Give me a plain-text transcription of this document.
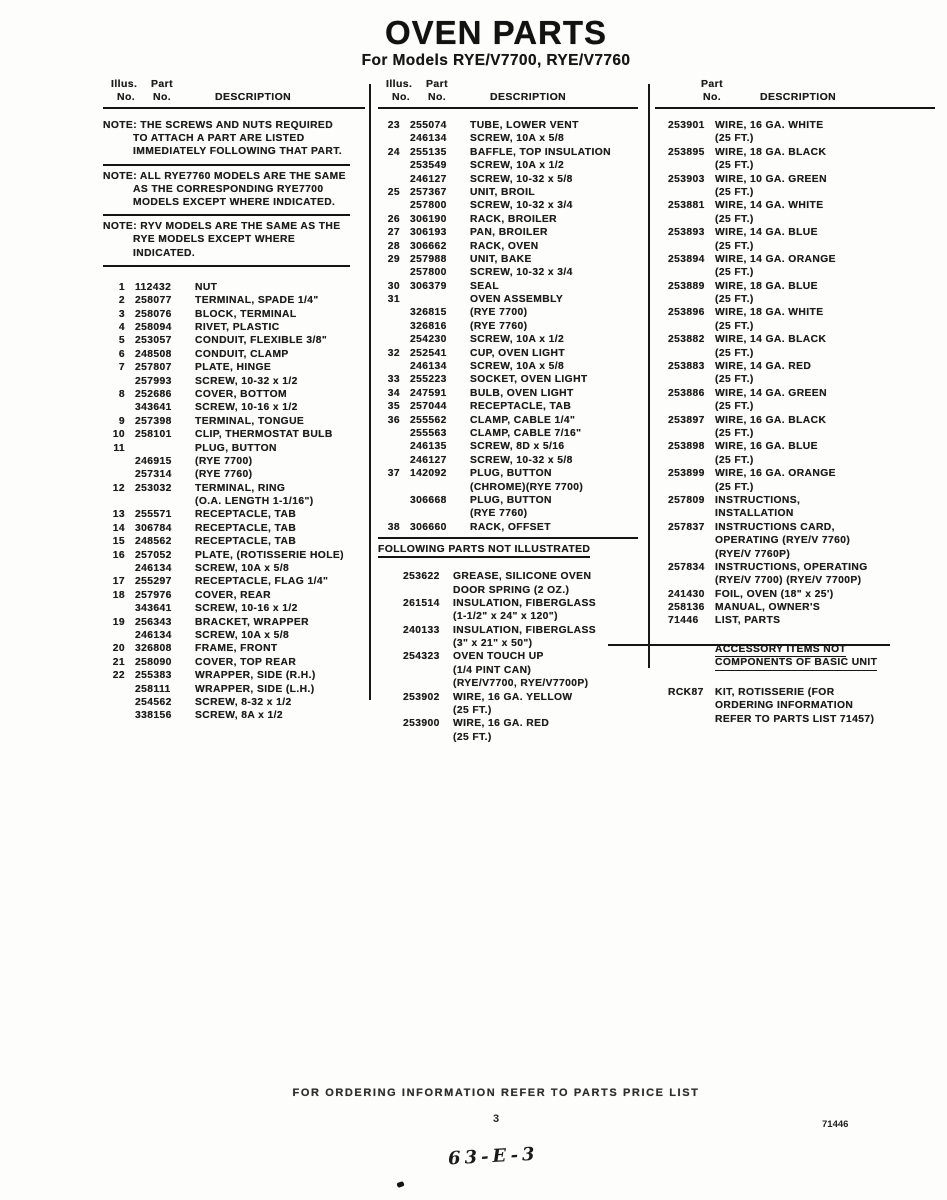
OVEN PARTS
For Models RYE/V7700, RYE/V7760
Illus.	Part
No.	No.	DESCRIPTION
NOTE: THE SCREWS AND NUTS REQUIRED TO ATTACH A PART ARE LISTED IMMEDIATELY FOLLOWING THAT PART.
NOTE: ALL RYE7760 MODELS ARE THE SAME AS THE CORRESPONDING RYE7700 MODELS EXCEPT WHERE INDICATED.
NOTE: RYV MODELS ARE THE SAME AS THE RYE MODELS EXCEPT WHERE INDICATED.
1 112432	NUT
2 258077	TERMINAL, SPADE 1/4"
3 258076	BLOCK, TERMINAL
4 258094	RIVET, PLASTIC
5 253057	CONDUIT, FLEXIBLE 3/8"
6 248508	CONDUIT, CLAMP
7 257807	PLATE, HINGE
257993	SCREW, 10-32 x 1/2
8 252686	COVER, BOTTOM
343641	SCREW, 10-16 x 1/2
9 257398	TERMINAL, TONGUE
10 258101	CLIP, THERMOSTAT BULB
11	PLUG, BUTTON
246915	(RYE 7700)
257314	(RYE 7760)
12 253032	TERMINAL, RING
(O.A. LENGTH 1-1/16")
13 255571	RECEPTACLE, TAB
14 306784	RECEPTACLE, TAB
15 248562	RECEPTACLE, TAB
16 257052	PLATE, (ROTISSERIE HOLE)
246134	SCREW, 10A x 5/8
17 255297	RECEPTACLE, FLAG 1/4"
18 257976	COVER, REAR
343641	SCREW, 10-16 x 1/2
19 256343	BRACKET, WRAPPER
246134	SCREW, 10A x 5/8
20 326808	FRAME, FRONT
21 258090	COVER, TOP REAR
22 255383	WRAPPER, SIDE (R.H.)
258111	WRAPPER, SIDE (L.H.)
254562	SCREW, 8-32 x 1/2
338156	SCREW, 8A x 1/2
Illus.	Part
No.	No.	DESCRIPTION
23 255074	TUBE, LOWER VENT
246134	SCREW, 10A x 5/8
24 255135	BAFFLE, TOP INSULATION
253549	SCREW, 10A x 1/2
246127	SCREW, 10-32 x 5/8
25 257367	UNIT, BROIL
257800	SCREW, 10-32 x 3/4
26 306190	RACK, BROILER
27 306193	PAN, BROILER
28 306662	RACK, OVEN
29 257988	UNIT, BAKE
257800	SCREW, 10-32 x 3/4
30 306379	SEAL
31	OVEN ASSEMBLY
326815	(RYE 7700)
326816	(RYE 7760)
254230	SCREW, 10A x 1/2
32 252541	CUP, OVEN LIGHT
246134	SCREW, 10A x 5/8
33 255223	SOCKET, OVEN LIGHT
34 247591	BULB, OVEN LIGHT
35 257044	RECEPTACLE, TAB
36 255562	CLAMP, CABLE 1/4"
255563	CLAMP, CABLE 7/16"
246135	SCREW, 8D x 5/16
246127	SCREW, 10-32 x 5/8
37 142092	PLUG, BUTTON
(CHROME)(RYE 7700)
306668	PLUG, BUTTON
(RYE 7760)
38 306660	RACK, OFFSET
FOLLOWING PARTS NOT ILLUSTRATED
253622	GREASE, SILICONE OVEN
DOOR SPRING (2 OZ.)
261514	INSULATION, FIBERGLASS
(1-1/2" x 24" x 120")
240133	INSULATION, FIBERGLASS
(3" x 21" x 50")
254323	OVEN TOUCH UP
(1/4 PINT CAN)
(RYE/V7700, RYE/V7700P)
253902	WIRE, 16 GA. YELLOW
(25 FT.)
253900	WIRE, 16 GA. RED
(25 FT.)
Part
No.	DESCRIPTION
253901 WIRE, 16 GA. WHITE
(25 FT.)
253895 WIRE, 18 GA. BLACK
(25 FT.)
253903 WIRE, 10 GA. GREEN
(25 FT.)
253881 WIRE, 14 GA. WHITE
(25 FT.)
253893 WIRE, 14 GA. BLUE
(25 FT.)
253894 WIRE, 14 GA. ORANGE
(25 FT.)
253889 WIRE, 18 GA. BLUE
(25 FT.)
253896 WIRE, 18 GA. WHITE
(25 FT.)
253882 WIRE, 14 GA. BLACK
(25 FT.)
253883 WIRE, 14 GA. RED
(25 FT.)
253886 WIRE, 14 GA. GREEN
(25 FT.)
253897 WIRE, 16 GA. BLACK
(25 FT.)
253898 WIRE, 16 GA. BLUE
(25 FT.)
253899 WIRE, 16 GA. ORANGE
(25 FT.)
257809 INSTRUCTIONS,
INSTALLATION
257837 INSTRUCTIONS CARD,
OPERATING (RYE/V 7760)
(RYE/V 7760P)
257834 INSTRUCTIONS, OPERATING
(RYE/V 7700) (RYE/V 7700P)
241430 FOIL, OVEN (18" x 25')
258136 MANUAL, OWNER'S
71446	LIST, PARTS
ACCESSORY ITEMS NOT
COMPONENTS OF BASIC UNIT
RCK87	KIT, ROTISSERIE (FOR
ORDERING INFORMATION
REFER TO PARTS LIST 71457)
FOR ORDERING INFORMATION REFER TO PARTS PRICE LIST
3	71446
63-E-3
